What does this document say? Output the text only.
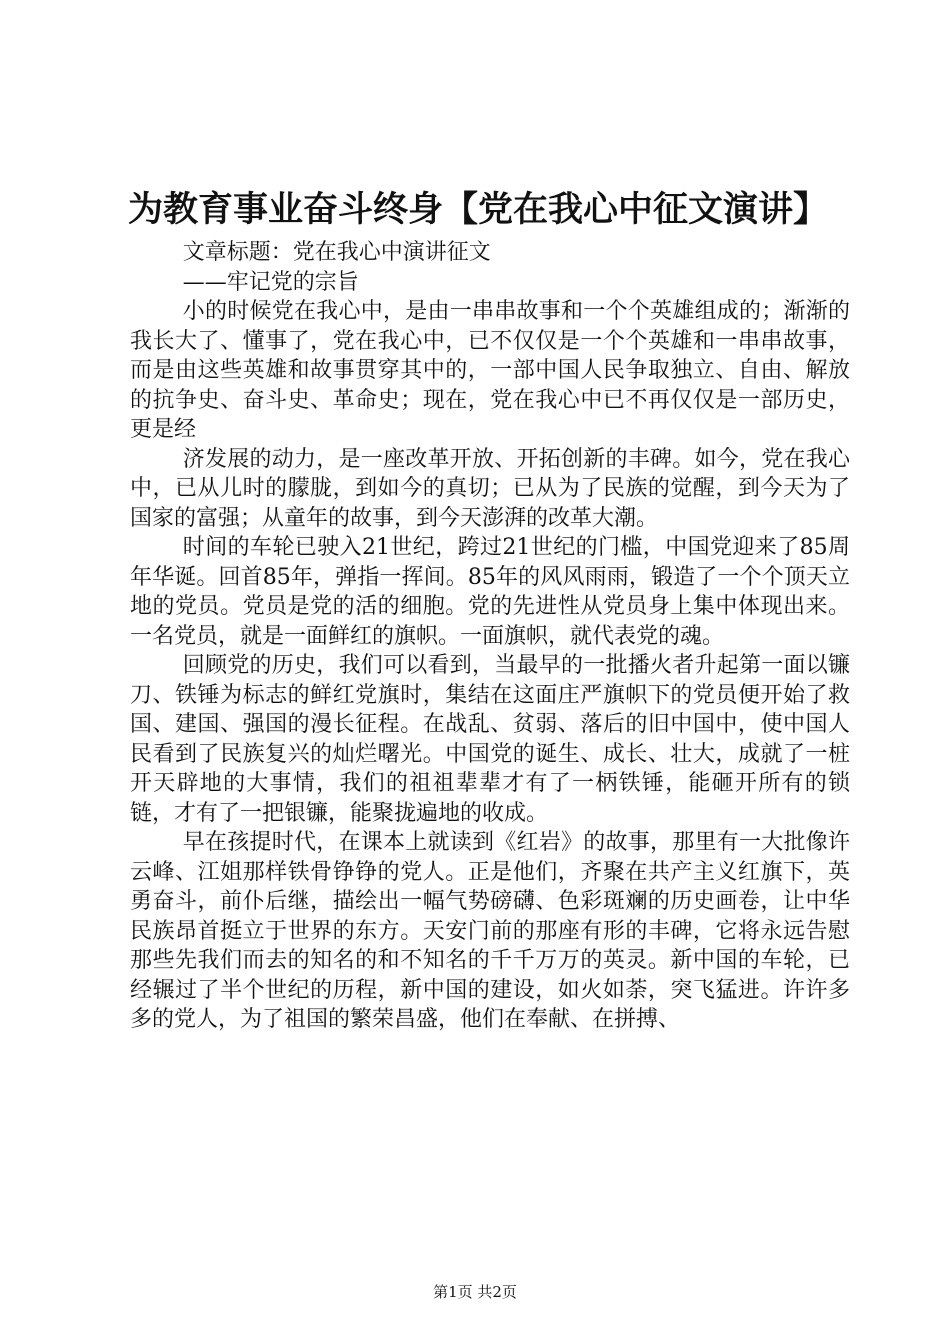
为教育事业奋斗终身【党在我心中征文演讲】

文章标题：党在我心中演讲征文

——牢记党的宗旨

小的时候党在我心中，是由一串串故事和一个个英雄组成的；渐渐的我长大了、懂事了，党在我心中，已不仅仅是一个个英雄和一串串故事，而是由这些英雄和故事贯穿其中的，一部中国人民争取独立、自由、解放的抗争史、奋斗史、革命史；现在，党在我心中已不再仅仅是一部历史，更是经

济发展的动力，是一座改革开放、开拓创新的丰碑。如今，党在我心中，已从儿时的朦胧，到如今的真切；已从为了民族的觉醒，到今天为了国家的富强；从童年的故事，到今天澎湃的改革大潮。

时间的车轮已驶入21世纪，跨过21世纪的门槛，中国党迎来了85周年华诞。回首85年，弹指一挥间。85年的风风雨雨，锻造了一个个顶天立地的党员。党员是党的活的细胞。党的先进性从党员身上集中体现出来。一名党员，就是一面鲜红的旗帜。一面旗帜，就代表党的魂。

回顾党的历史，我们可以看到，当最早的一批播火者升起第一面以镰刀、铁锤为标志的鲜红党旗时，集结在这面庄严旗帜下的党员便开始了救国、建国、强国的漫长征程。在战乱、贫弱、落后的旧中国中，使中国人民看到了民族复兴的灿烂曙光。中国党的诞生、成长、壮大，成就了一桩开天辟地的大事情，我们的祖祖辈辈才有了一柄铁锤，能砸开所有的锁链，才有了一把银镰，能聚拢遍地的收成。

早在孩提时代，在课本上就读到《红岩》的故事，那里有一大批像许云峰、江姐那样铁骨铮铮的党人。正是他们，齐聚在共产主义红旗下，英勇奋斗，前仆后继，描绘出一幅气势磅礴、色彩斑斓的历史画卷，让中华民族昂首挺立于世界的东方。天安门前的那座有形的丰碑，它将永远告慰那些先我们而去的知名的和不知名的千千万万的英灵。新中国的车轮，已经辗过了半个世纪的历程，新中国的建设，如火如荼，突飞猛进。许许多多的党人，为了祖国的繁荣昌盛，他们在奉献、在拼搏、

第1页 共2页
